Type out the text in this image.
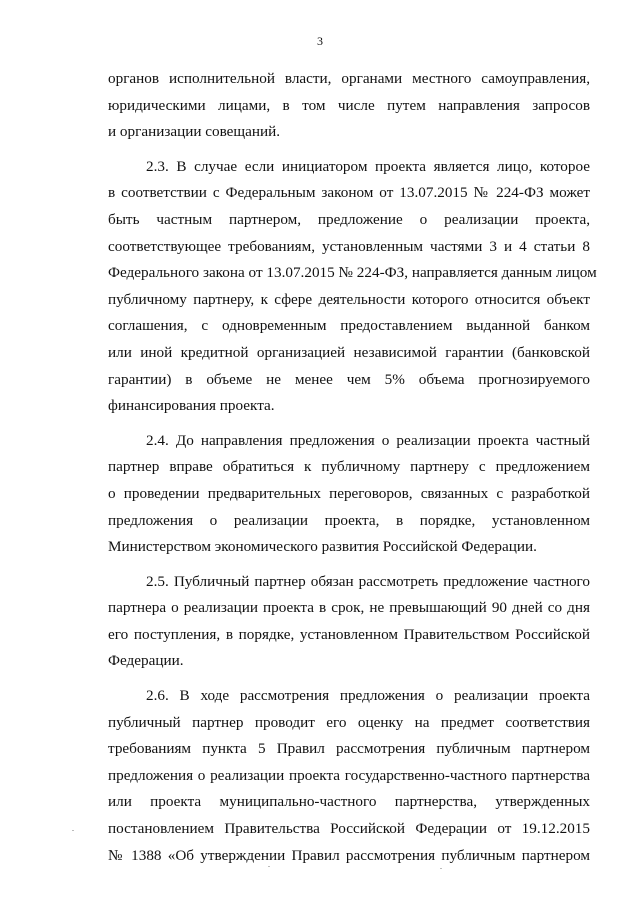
3
органов исполнительной власти, органами местного самоуправления,
юридическими лицами, в том числе путем направления запросов
и организации совещаний.
2.3. В случае если инициатором проекта является лицо, которое
в соответствии с Федеральным законом от 13.07.2015 № 224-ФЗ может
быть частным партнером, предложение о реализации проекта,
соответствующее требованиям, установленным частями 3 и 4 статьи 8
Федерального закона от 13.07.2015 № 224-ФЗ, направляется данным лицом
публичному партнеру, к сфере деятельности которого относится объект
соглашения, с одновременным предоставлением выданной банком
или иной кредитной организацией независимой гарантии (банковской
гарантии) в объеме не менее чем 5% объема прогнозируемого
финансирования проекта.
2.4. До направления предложения о реализации проекта частный
партнер вправе обратиться к публичному партнеру с предложением
о проведении предварительных переговоров, связанных с разработкой
предложения о реализации проекта, в порядке, установленном
Министерством экономического развития Российской Федерации.
2.5. Публичный партнер обязан рассмотреть предложение частного
партнера о реализации проекта в срок, не превышающий 90 дней со дня
его поступления, в порядке, установленном Правительством Российской
Федерации.
2.6. В ходе рассмотрения предложения о реализации проекта
публичный партнер проводит его оценку на предмет соответствия
требованиям пункта 5 Правил рассмотрения публичным партнером
предложения о реализации проекта государственно-частного партнерства
или проекта муниципально-частного партнерства, утвержденных
постановлением Правительства Российской Федерации от 19.12.2015
№ 1388 «Об утверждении Правил рассмотрения публичным партнером
